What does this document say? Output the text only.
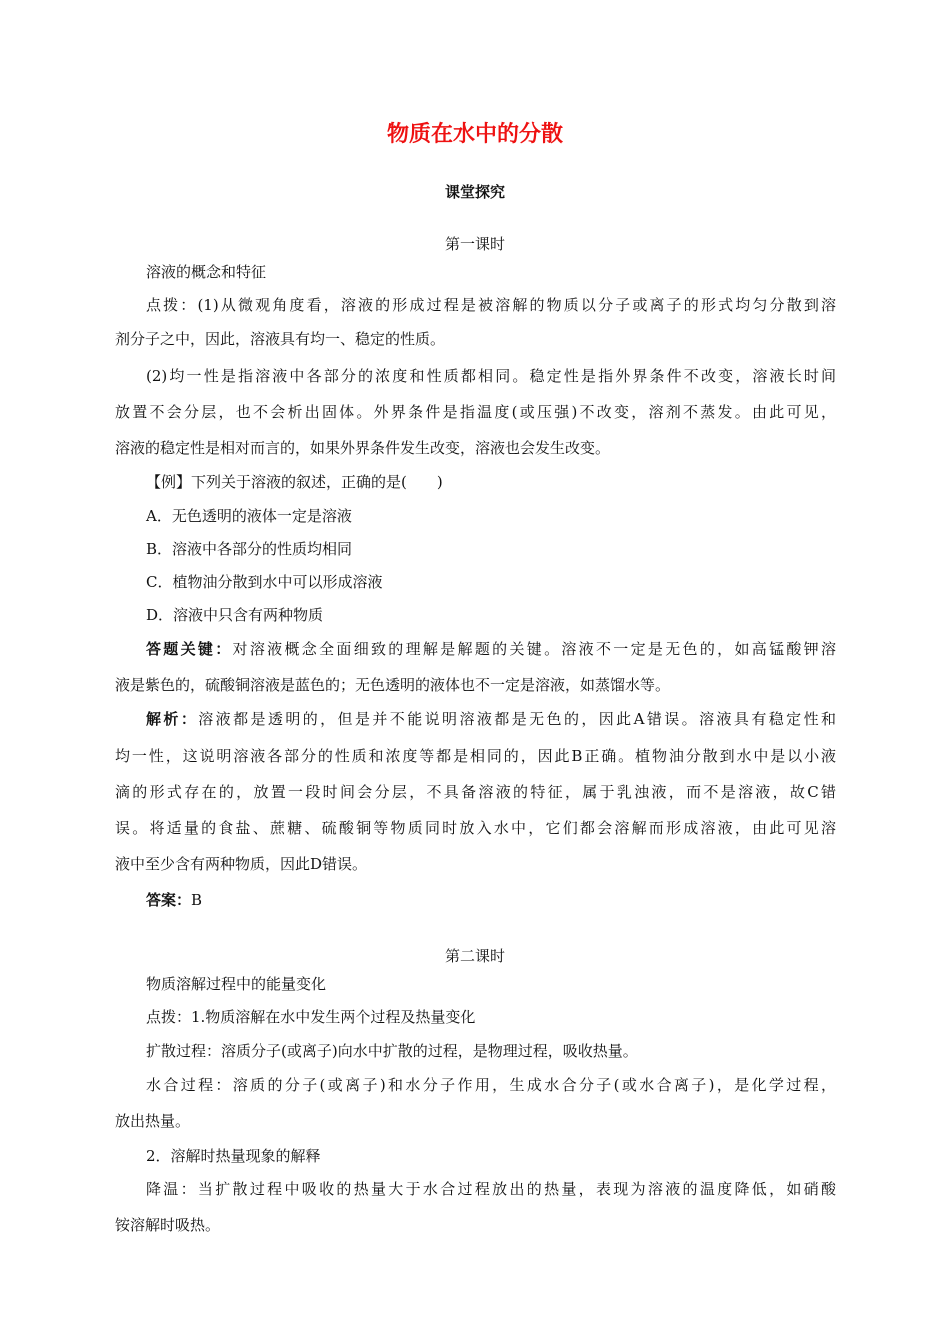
物质在水中的分散
课堂探究
第一课时
溶液的概念和特征
点拨：(1)从微观角度看，溶液的形成过程是被溶解的物质以分子或离子的形式均匀分散到溶
剂分子之中，因此，溶液具有均一、稳定的性质。
(2)均一性是指溶液中各部分的浓度和性质都相同。稳定性是指外界条件不改变，溶液长时间
放置不会分层，也不会析出固体。外界条件是指温度(或压强)不改变，溶剂不蒸发。由此可见，
溶液的稳定性是相对而言的，如果外界条件发生改变，溶液也会发生改变。
【例】下列关于溶液的叙述，正确的是(　　)
A．无色透明的液体一定是溶液
B．溶液中各部分的性质均相同
C．植物油分散到水中可以形成溶液
D．溶液中只含有两种物质
答题关键：对溶液概念全面细致的理解是解题的关键。溶液不一定是无色的，如高锰酸钾溶
液是紫色的，硫酸铜溶液是蓝色的；无色透明的液体也不一定是溶液，如蒸馏水等。
解析：溶液都是透明的，但是并不能说明溶液都是无色的，因此A错误。溶液具有稳定性和
均一性，这说明溶液各部分的性质和浓度等都是相同的，因此B正确。植物油分散到水中是以小液
滴的形式存在的，放置一段时间会分层，不具备溶液的特征，属于乳浊液，而不是溶液，故C错
误。将适量的食盐、蔗糖、硫酸铜等物质同时放入水中，它们都会溶解而形成溶液，由此可见溶
液中至少含有两种物质，因此D错误。
答案：B
第二课时
物质溶解过程中的能量变化
点拨：1.物质溶解在水中发生两个过程及热量变化
扩散过程：溶质分子(或离子)向水中扩散的过程，是物理过程，吸收热量。
水合过程：溶质的分子(或离子)和水分子作用，生成水合分子(或水合离子)，是化学过程，
放出热量。
2．溶解时热量现象的解释
降温：当扩散过程中吸收的热量大于水合过程放出的热量，表现为溶液的温度降低，如硝酸
铵溶解时吸热。
